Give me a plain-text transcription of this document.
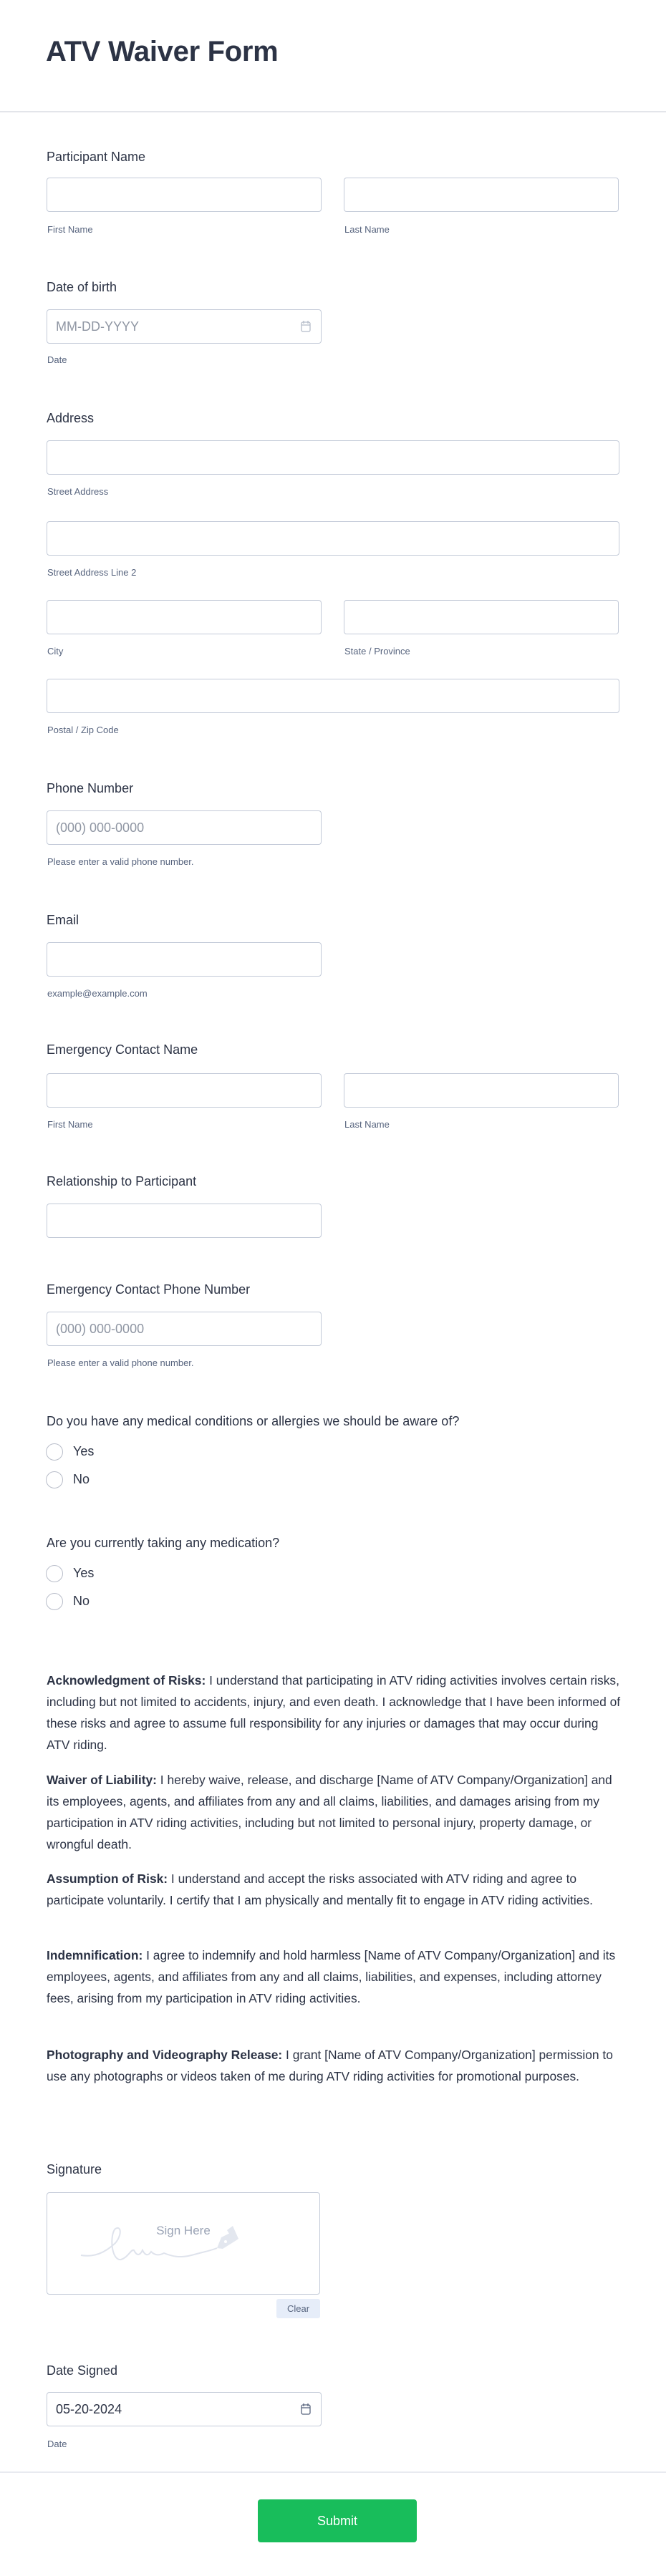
ATV Waiver Form
Participant Name
First Name	Last Name
Date of birth
MM-DD-YYYY
Date
Address
Street Address
Street Address Line 2
City	State / Province
Postal / Zip Code
Phone Number
(000) 000-0000
Please enter a valid phone number.
Email
example@example.com
Emergency Contact Name
First Name	Last Name
Relationship to Participant
Emergency Contact Phone Number
(000) 000-0000
Please enter a valid phone number.
Do you have any medical conditions or allergies we should be aware of?
Yes
No
Are you currently taking any medication?
Yes
No

Acknowledgment of Risks: I understand that participating in ATV riding activities involves certain risks, including but not limited to accidents, injury, and even death. I acknowledge that I have been informed of these risks and agree to assume full responsibility for any injuries or damages that may occur during ATV riding.

Waiver of Liability: I hereby waive, release, and discharge [Name of ATV Company/Organization] and its employees, agents, and affiliates from any and all claims, liabilities, and damages arising from my participation in ATV riding activities, including but not limited to personal injury, property damage, or wrongful death.

Assumption of Risk: I understand and accept the risks associated with ATV riding and agree to participate voluntarily. I certify that I am physically and mentally fit to engage in ATV riding activities.

Indemnification: I agree to indemnify and hold harmless [Name of ATV Company/Organization] and its employees, agents, and affiliates from any and all claims, liabilities, and expenses, including attorney fees, arising from my participation in ATV riding activities.

Photography and Videography Release: I grant [Name of ATV Company/Organization] permission to use any photographs or videos taken of me during ATV riding activities for promotional purposes.

Signature
Sign Here
Clear
Date Signed
05-20-2024
Date
Submit
